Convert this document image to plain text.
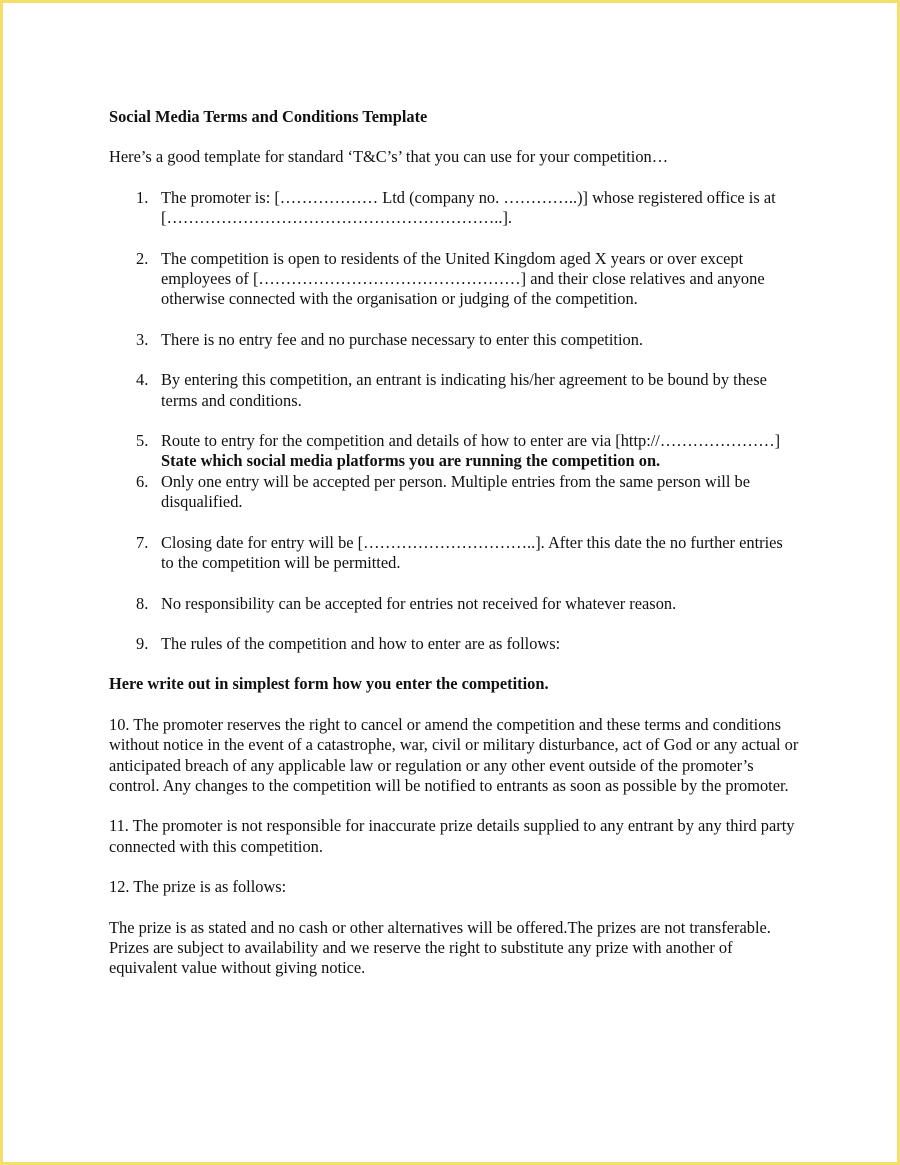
Social Media Terms and Conditions Template

Here’s a good template for standard ‘T&C’s’ that you can use for your competition…

1. The promoter is: [……………… Ltd (company no. …………..)] whose registered office is at [……………………………………………………..].
2. The competition is open to residents of the United Kingdom aged X years or over except employees of […………………………………………] and their close relatives and anyone otherwise connected with the organisation or judging of the competition.
3. There is no entry fee and no purchase necessary to enter this competition.
4. By entering this competition, an entrant is indicating his/her agreement to be bound by these terms and conditions.
5. Route to entry for the competition and details of how to enter are via [http://…………………] State which social media platforms you are running the competition on.
6. Only one entry will be accepted per person. Multiple entries from the same person will be disqualified.
7. Closing date for entry will be […………………………..]. After this date the no further entries to the competition will be permitted.
8. No responsibility can be accepted for entries not received for whatever reason.
9. The rules of the competition and how to enter are as follows:

Here write out in simplest form how you enter the competition.

10. The promoter reserves the right to cancel or amend the competition and these terms and conditions without notice in the event of a catastrophe, war, civil or military disturbance, act of God or any actual or anticipated breach of any applicable law or regulation or any other event outside of the promoter’s control. Any changes to the competition will be notified to entrants as soon as possible by the promoter.

11. The promoter is not responsible for inaccurate prize details supplied to any entrant by any third party connected with this competition.

12. The prize is as follows:

The prize is as stated and no cash or other alternatives will be offered.The prizes are not transferable. Prizes are subject to availability and we reserve the right to substitute any prize with another of equivalent value without giving notice.
